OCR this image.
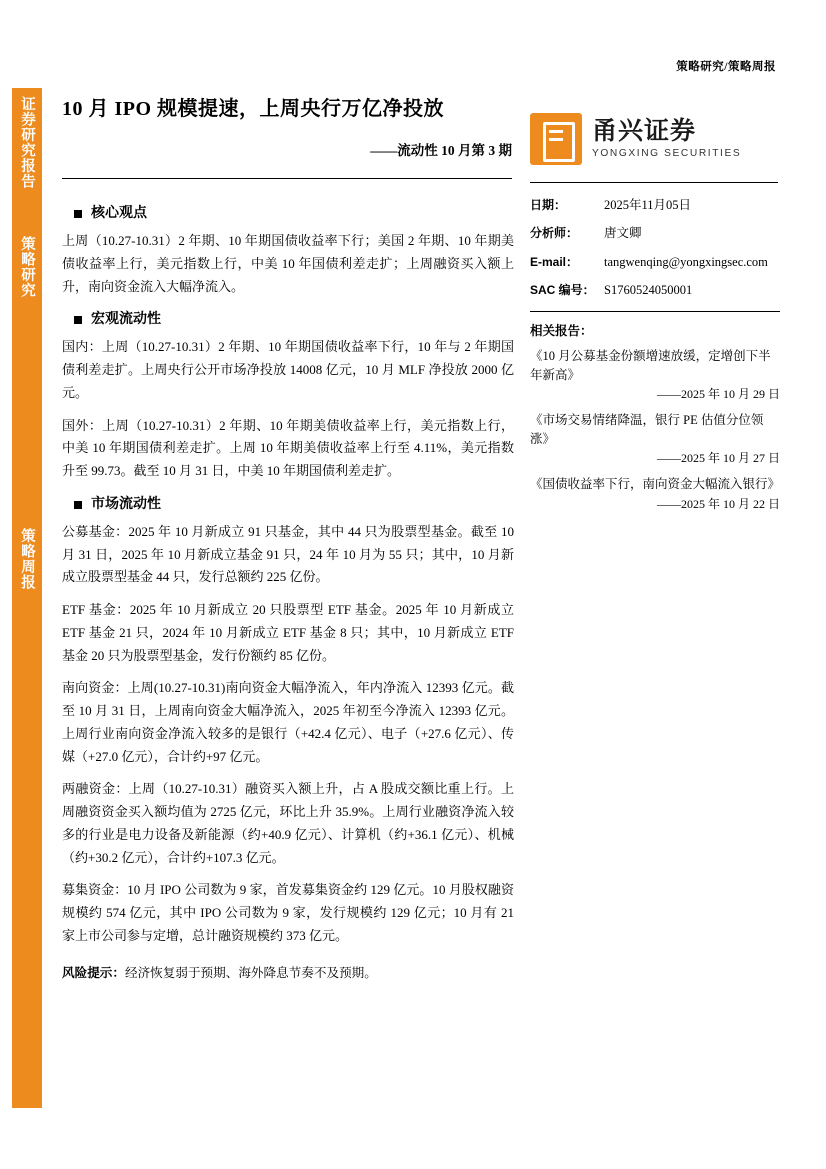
证券研究报告
策略研究
策略周报
策略研究/策略周报
10 月 IPO 规模提速，上周央行万亿净投放
——流动性 10 月第 3 期
甬兴证券
YONGXING SECURITIES
日期：	2025年11月05日
分析师：	唐文卿
E-mail：	tangwenqing@yongxingsec.com
SAC 编号： S1760524050001
相关报告：
《10 月公募基金份额增速放缓，定增创下半年新高》
——2025 年 10 月 29 日
《市场交易情绪降温，银行 PE 估值分位领涨》
——2025 年 10 月 27 日
《国债收益率下行，南向资金大幅流入银行》
——2025 年 10 月 22 日
核心观点

上周（10.27-10.31）2 年期、10 年期国债收益率下行；美国 2 年期、10 年期美债收益率上行，美元指数上行，中美 10 年国债利差走扩；上周融资买入额上升，南向资金流入大幅净流入。

宏观流动性

国内：上周（10.27-10.31）2 年期、10 年期国债收益率下行，10 年与 2 年期国债利差走扩。上周央行公开市场净投放 14008 亿元，10 月 MLF 净投放 2000 亿元。

国外：上周（10.27-10.31）2 年期、10 年期美债收益率上行，美元指数上行，中美 10 年期国债利差走扩。上周 10 年期美债收益率上行至 4.11%，美元指数升至 99.73。截至 10 月 31 日，中美 10 年期国债利差走扩。

市场流动性

公募基金：2025 年 10 月新成立 91 只基金，其中 44 只为股票型基金。截至 10 月 31 日，2025 年 10 月新成立基金 91 只，24 年 10 月为 55 只；其中，10 月新成立股票型基金 44 只，发行总额约 225 亿份。

ETF 基金：2025 年 10 月新成立 20 只股票型 ETF 基金。2025 年 10 月新成立 ETF 基金 21 只，2024 年 10 月新成立 ETF 基金 8 只；其中，10 月新成立 ETF 基金 20 只为股票型基金，发行份额约 85 亿份。

南向资金：上周(10.27-10.31)南向资金大幅净流入，年内净流入 12393 亿元。截至 10 月 31 日，上周南向资金大幅净流入，2025 年初至今净流入 12393 亿元。上周行业南向资金净流入较多的是银行（+42.4 亿元）、电子（+27.6 亿元）、传媒（+27.0 亿元），合计约+97 亿元。

两融资金：上周（10.27-10.31）融资买入额上升，占 A 股成交额比重上行。上周融资资金买入额均值为 2725 亿元，环比上升 35.9%。上周行业融资净流入较多的行业是电力设备及新能源（约+40.9 亿元）、计算机（约+36.1 亿元）、机械（约+30.2 亿元），合计约+107.3 亿元。

募集资金：10 月 IPO 公司数为 9 家，首发募集资金约 129 亿元。10 月股权融资规模约 574 亿元，其中 IPO 公司数为 9 家，发行规模约 129 亿元；10 月有 21 家上市公司参与定增，总计融资规模约 373 亿元。

风险提示：经济恢复弱于预期、海外降息节奏不及预期。
